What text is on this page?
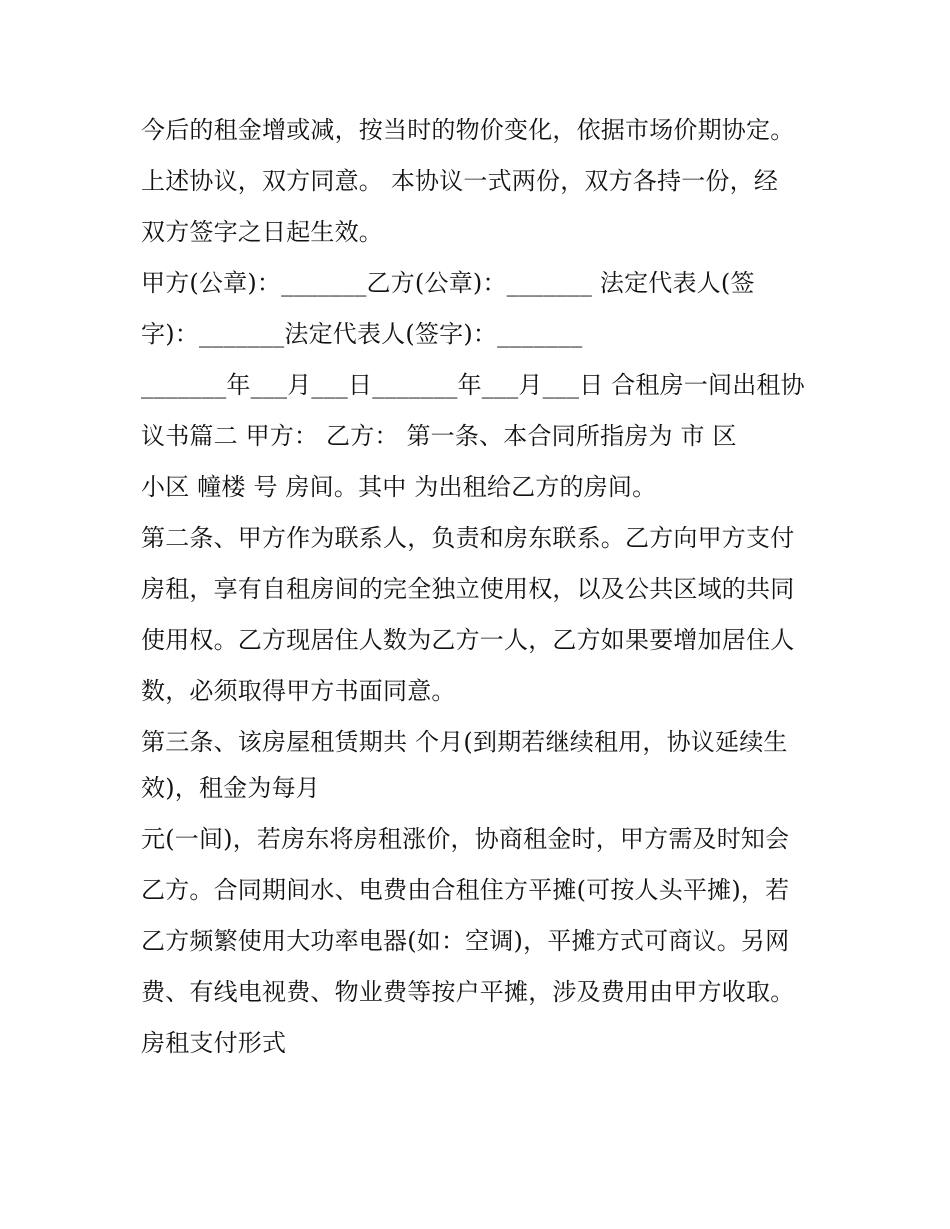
今后的租金增或减，按当时的物价变化，依据市场价期协定。
上述协议，双方同意。 本协议一式两份，双方各持一份，经
双方签字之日起生效。
甲方(公章)：_______乙方(公章)：_______ 法定代表人(签
字)：_______法定代表人(签字)：_______
_______年___月___日_______年___月___日 合租房一间出租协
议书篇二 甲方： 乙方： 第一条、本合同所指房为 市 区
小区 幢楼 号 房间。其中 为出租给乙方的房间。
第二条、甲方作为联系人，负责和房东联系。乙方向甲方支付
房租，享有自租房间的完全独立使用权，以及公共区域的共同
使用权。乙方现居住人数为乙方一人，乙方如果要增加居住人
数，必须取得甲方书面同意。
第三条、该房屋租赁期共 个月(到期若继续租用，协议延续生
效)，租金为每月
元(一间)，若房东将房租涨价，协商租金时，甲方需及时知会
乙方。合同期间水、电费由合租住方平摊(可按人头平摊)，若
乙方频繁使用大功率电器(如：空调)，平摊方式可商议。另网
费、有线电视费、物业费等按户平摊，涉及费用由甲方收取。
房租支付形式
